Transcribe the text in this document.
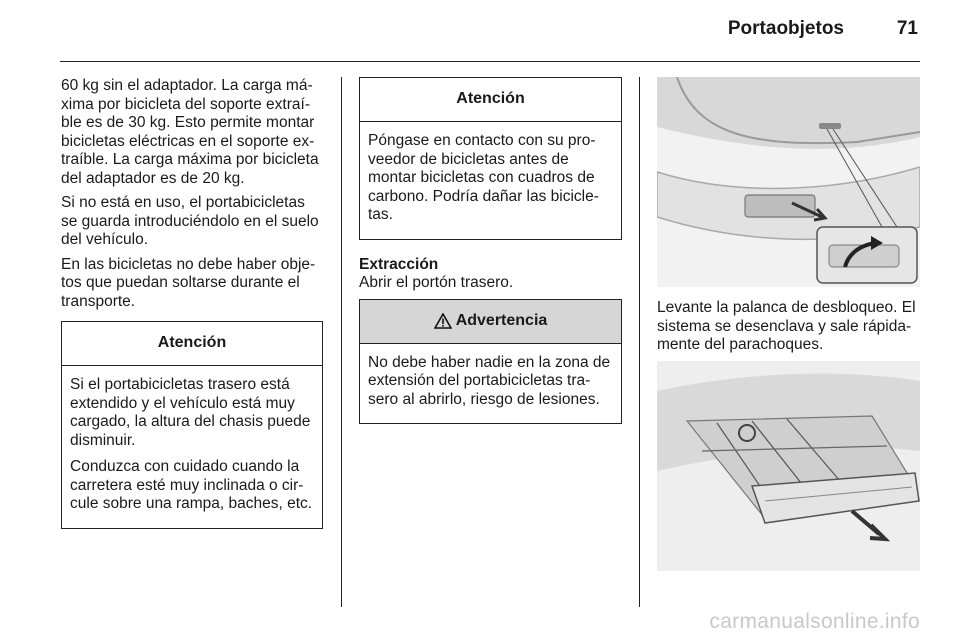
Portaobjetos	71

60 kg sin el adaptador. La carga máxima por bicicleta del soporte extraíble es de 30 kg. Esto permite montar bicicletas eléctricas en el soporte extraíble. La carga máxima por bicicleta del adaptador es de 20 kg.

Si no está en uso, el portabicicletas se guarda introduciéndolo en el suelo del vehículo.

En las bicicletas no debe haber objetos que puedan soltarse durante el transporte.

Atención

Si el portabicicletas trasero está extendido y el vehículo está muy cargado, la altura del chasis puede disminuir.

Conduzca con cuidado cuando la carretera esté muy inclinada o circule sobre una rampa, baches, etc.

Atención

Póngase en contacto con su proveedor de bicicletas antes de montar bicicletas con cuadros de carbono. Podría dañar las bicicletas.

Extracción

Abrir el portón trasero.

Advertencia

No debe haber nadie en la zona de extensión del portabicicletas trasero al abrirlo, riesgo de lesiones.

Levante la palanca de desbloqueo. El sistema se desenclava y sale rápidamente del parachoques.

carmanualsonline.info
